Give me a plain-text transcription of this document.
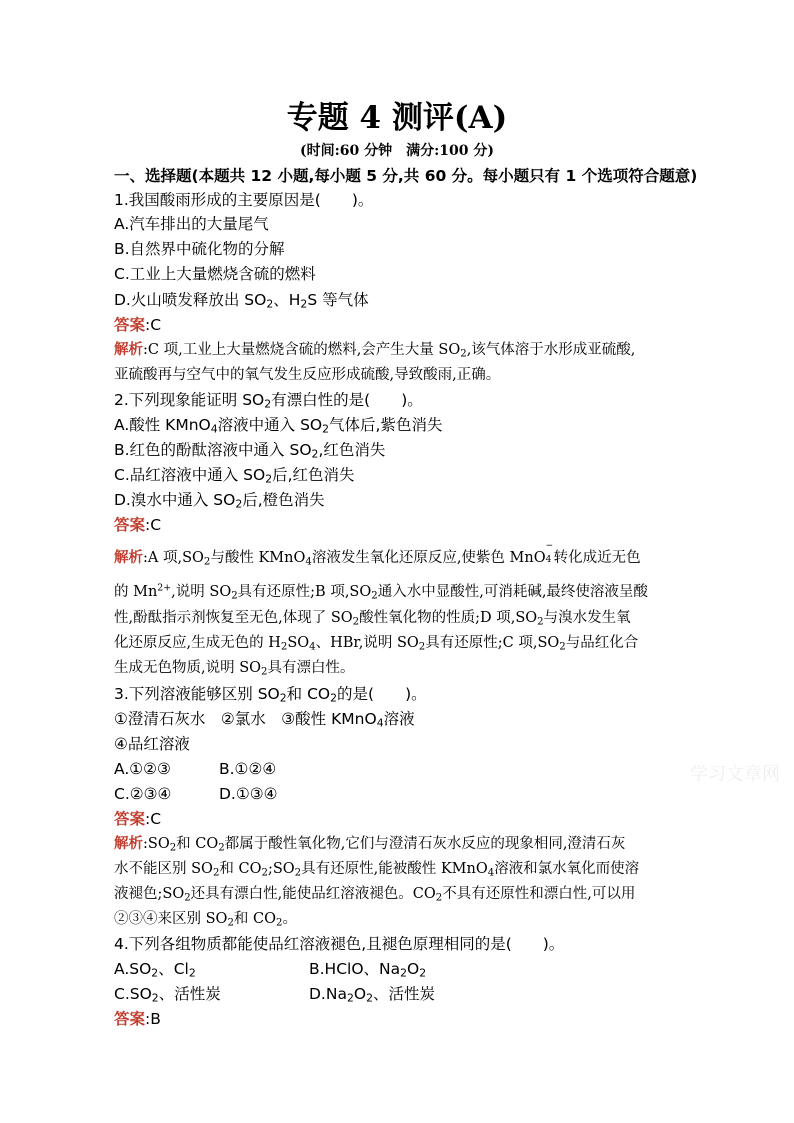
专题 4 测评(A)
(时间:60 分钟　满分:100 分)
一、选择题(本题共 12 小题,每小题 5 分,共 60 分。每小题只有 1 个选项符合题意)
1.我国酸雨形成的主要原因是(　　)。
A.汽车排出的大量尾气
B.自然界中硫化物的分解
C.工业上大量燃烧含硫的燃料
D.火山喷发释放出 $SO_2$、$H_2S$ 等气体
答案:C
解析:C 项,工业上大量燃烧含硫的燃料,会产生大量 $SO_2$,该气体溶于水形成亚硫酸,
亚硫酸再与空气中的氧气发生反应形成硫酸,导致酸雨,正确。
2.下列现象能证明 $SO_2$有漂白性的是(　　)。
A.酸性 KMnO$_4$溶液中通入 $SO_2$气体后,紫色消失
B.红色的酚酞溶液中通入 $SO_2$,红色消失
C.品红溶液中通入 $SO_2$后,红色消失
D.溴水中通入 $SO_2$后,橙色消失
答案:C
解析:A 项$,SO_2$与酸性 KMnO$_4$溶液发生氧化还原反应,使紫色 MnO
−
4 转化成近无色
的 $Mn^{2+}$,说明 $SO_2$具有还原性;B 项$,SO_2$通入水中显酸性,可消耗碱,最终使溶液呈酸
性,酚酞指示剂恢复至无色,体现了 $SO_2$酸性氧化物的性质;D 项$,SO_2$与溴水发生氧
化还原反应,生成无色的 $H_2SO_4$、HBr,说明 $SO_2$具有还原性;C 项$,SO_2$与品红化合
生成无色物质,说明 $SO_2$具有漂白性。
3.下列溶液能够区别 $SO_2$和 $CO_2$的是(　　)。
①澄清石灰水　②氯水　③酸性 KMnO$_4$溶液
④品红溶液
A.①②③	B.①②④
C.②③④	D.①③④
答案:C
解析$:SO_2$和 $CO_2$都属于酸性氧化物,它们与澄清石灰水反应的现象相同,澄清石灰
水不能区别 $SO_2$和 $CO_2;SO_2$具有还原性,能被酸性 KMnO$_4$溶液和氯水氧化而使溶
液褪色$;SO_2$还具有漂白性,能使品红溶液褪色。$CO_2$不具有还原性和漂白性,可以用
②③④来区别 $SO_2$和 $CO_2$。
4.下列各组物质都能使品红溶液褪色,且褪色原理相同的是(　　)。
$A.SO_2$、$Cl_2$	B.HClO、$Na_2O_2$
$C.SO_2$、活性炭	$D.Na_2O_2$、活性炭
答案:B
学习文章网
